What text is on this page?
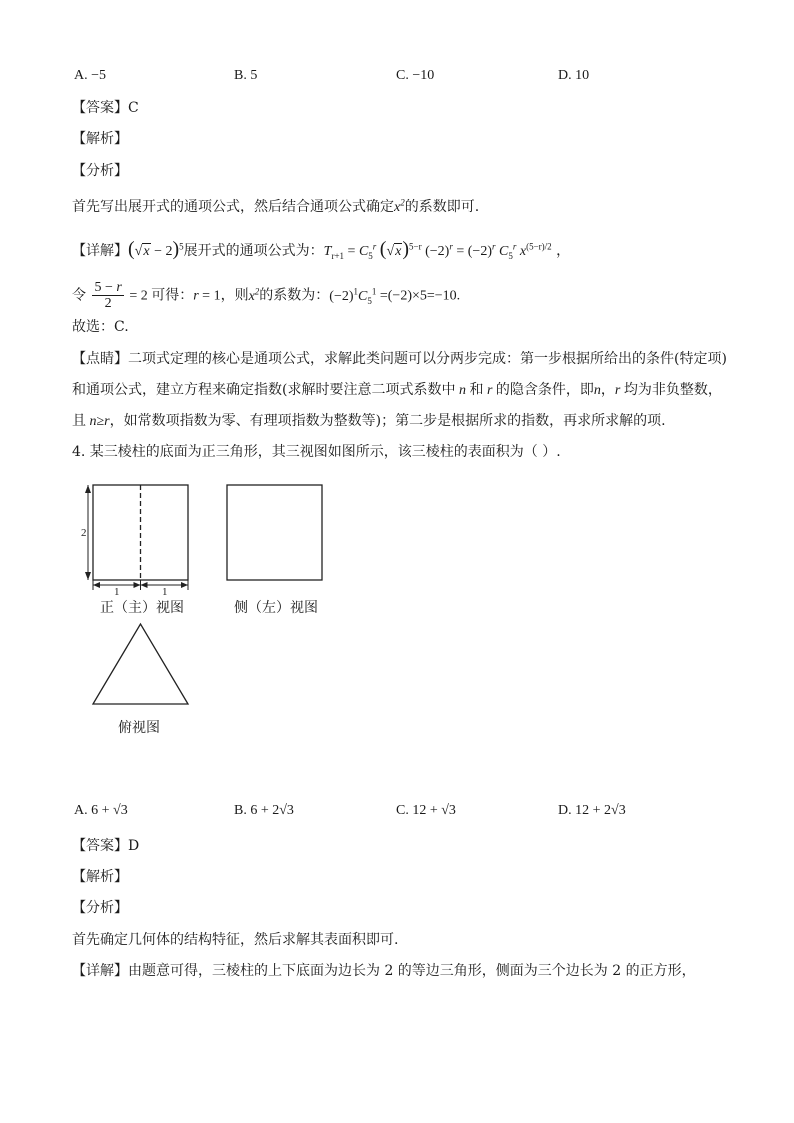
A. −5	B. 5	C. −10	D. 10
【答案】C
【解析】
【分析】
首先写出展开式的通项公式，然后结合通项公式确定$x^2$的系数即可.
【详解】$(√x - 2)^5$展开式的通项公式为：$T_{r+1} = C_5^r$ $(√x)^{5-r}$ $(-2)^r = (-2)^r$ $C_5^r$ $x^{(5-r)/2}$ ，
令 $\frac{5 - r}{2} = 2$ 可得：r = 1，则$x^2$的系数为：$(-2)^1C_5^1 =(-2)\times 5=-10$.
故选：C.
【点睛】二项式定理的核心是通项公式，求解此类问题可以分两步完成：第一步根据所给出的条件(特定项)
和通项公式，建立方程来确定指数(求解时要注意二项式系数中 n 和 r 的隐含条件，即n，r 均为非负整数，
且 n≥r，如常数项指数为零、有理项指数为整数等)；第二步是根据所求的指数，再求所求解的项.
4. 某三棱柱的底面为正三角形，其三视图如图所示，该三棱柱的表面积为（ ）.
2
1	1
正（主）视图	侧（左）视图
俯视图
A. 6 + √3	B. 6 + 2√3	C. 12 + √3	D. 12 + 2√3
【答案】D
【解析】
【分析】
首先确定几何体的结构特征，然后求解其表面积即可.
【详解】由题意可得，三棱柱的上下底面为边长为 2 的等边三角形，侧面为三个边长为 2 的正方形，
